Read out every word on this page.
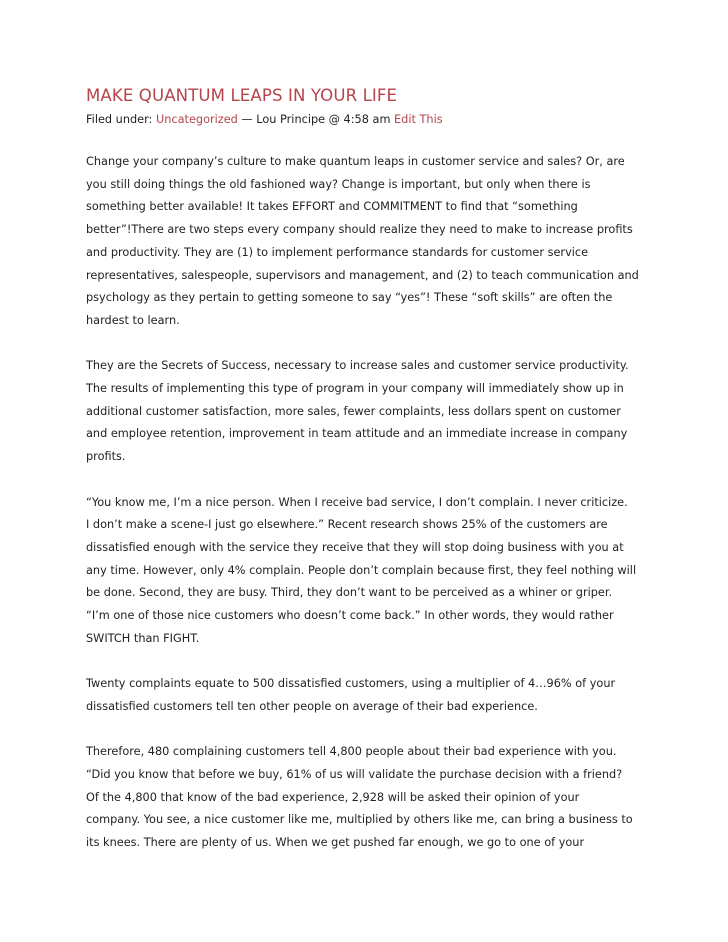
MAKE QUANTUM LEAPS IN YOUR LIFE
Filed under: Uncategorized — Lou Principe @ 4:58 am Edit This

Change your company’s culture to make quantum leaps in customer service and sales? Or, are
you still doing things the old fashioned way? Change is important, but only when there is
something better available! It takes EFFORT and COMMITMENT to find that “something
better”!There are two steps every company should realize they need to make to increase profits
and productivity. They are (1) to implement performance standards for customer service
representatives, salespeople, supervisors and management, and (2) to teach communication and
psychology as they pertain to getting someone to say “yes”! These “soft skills” are often the
hardest to learn.

They are the Secrets of Success, necessary to increase sales and customer service productivity.
The results of implementing this type of program in your company will immediately show up in
additional customer satisfaction, more sales, fewer complaints, less dollars spent on customer
and employee retention, improvement in team attitude and an immediate increase in company
profits.

“You know me, I’m a nice person. When I receive bad service, I don’t complain. I never criticize.
I don’t make a scene-I just go elsewhere.” Recent research shows 25% of the customers are
dissatisfied enough with the service they receive that they will stop doing business with you at
any time. However, only 4% complain. People don’t complain because first, they feel nothing will
be done. Second, they are busy. Third, they don’t want to be perceived as a whiner or griper.
“I’m one of those nice customers who doesn’t come back.” In other words, they would rather
SWITCH than FIGHT.

Twenty complaints equate to 500 dissatisfied customers, using a multiplier of 4…96% of your
dissatisfied customers tell ten other people on average of their bad experience.

Therefore, 480 complaining customers tell 4,800 people about their bad experience with you.
“Did you know that before we buy, 61% of us will validate the purchase decision with a friend?
Of the 4,800 that know of the bad experience, 2,928 will be asked their opinion of your
company. You see, a nice customer like me, multiplied by others like me, can bring a business to
its knees. There are plenty of us. When we get pushed far enough, we go to one of your
